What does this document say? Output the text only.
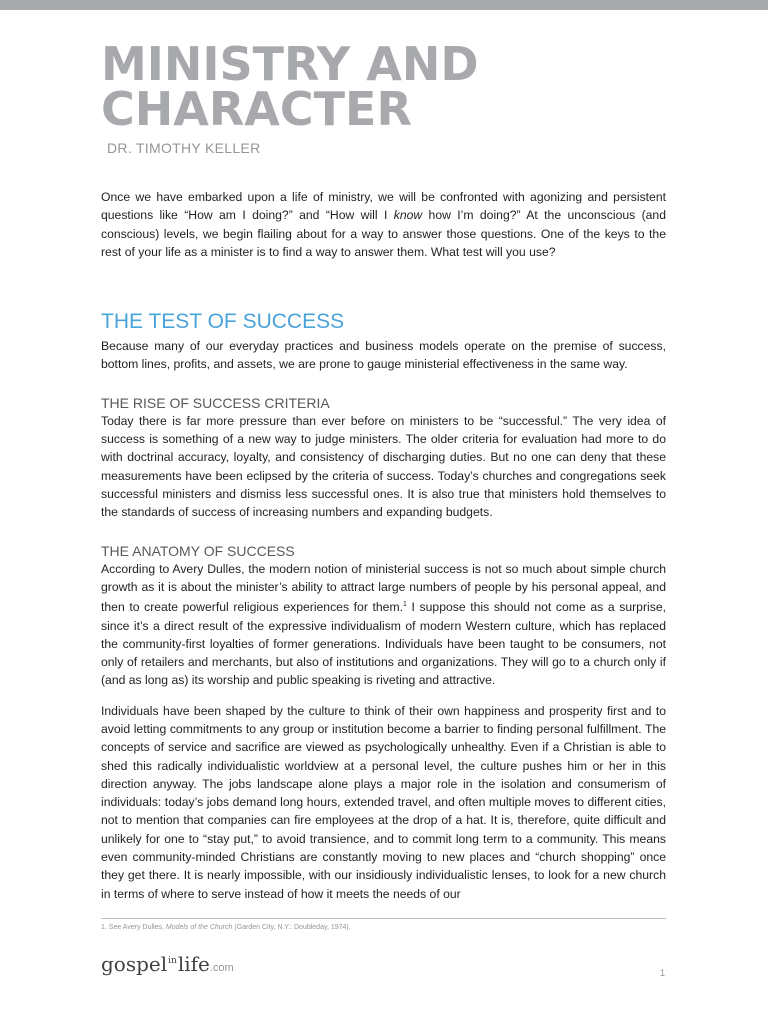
MINISTRY AND
CHARACTER
DR. TIMOTHY KELLER

Once we have embarked upon a life of ministry, we will be confronted with agonizing and persistent questions like “How am I doing?” and “How will I know how I’m doing?” At the unconscious (and conscious) levels, we begin flailing about for a way to answer those questions. One of the keys to the rest of your life as a minister is to find a way to answer them. What test will you use?

THE TEST OF SUCCESS

Because many of our everyday practices and business models operate on the premise of success, bottom lines, profits, and assets, we are prone to gauge ministerial effectiveness in the same way.

THE RISE OF SUCCESS CRITERIA

Today there is far more pressure than ever before on ministers to be “successful.” The very idea of success is something of a new way to judge ministers. The older criteria for evaluation had more to do with doctrinal accuracy, loyalty, and consistency of discharging duties. But no one can deny that these measurements have been eclipsed by the criteria of success. Today’s churches and congregations seek successful ministers and dismiss less successful ones. It is also true that ministers hold themselves to the standards of success of increasing numbers and expanding budgets.

THE ANATOMY OF SUCCESS

According to Avery Dulles, the modern notion of ministerial success is not so much about simple church growth as it is about the minister’s ability to attract large numbers of people by his personal appeal, and then to create powerful religious experiences for them.$^1$ I suppose this should not come as a surprise, since it’s a direct result of the expressive individualism of modern Western culture, which has replaced the community-first loyalties of former generations. Individuals have been taught to be consumers, not only of retailers and merchants, but also of institutions and organizations. They will go to a church only if (and as long as) its worship and public speaking is riveting and attractive.

Individuals have been shaped by the culture to think of their own happiness and prosperity first and to avoid letting commitments to any group or institution become a barrier to finding personal fulfillment. The concepts of service and sacrifice are viewed as psychologically unhealthy. Even if a Christian is able to shed this radically individualistic worldview at a personal level, the culture pushes him or her in this direction anyway. The jobs landscape alone plays a major role in the isolation and consumerism of individuals: today’s jobs demand long hours, extended travel, and often multiple moves to different cities, not to mention that companies can fire employees at the drop of a hat. It is, therefore, quite difficult and unlikely for one to “stay put,” to avoid transience, and to commit long term to a community. This means even community-minded Christians are constantly moving to new places and “church shopping” once they get there. It is nearly impossible, with our insidiously individualistic lenses, to look for a new church in terms of where to serve instead of how it meets the needs of our

1. See Avery Dulles, Models of the Church (Garden City, N.Y.: Doubleday, 1974).
gospel$^{in}$life.com	1
